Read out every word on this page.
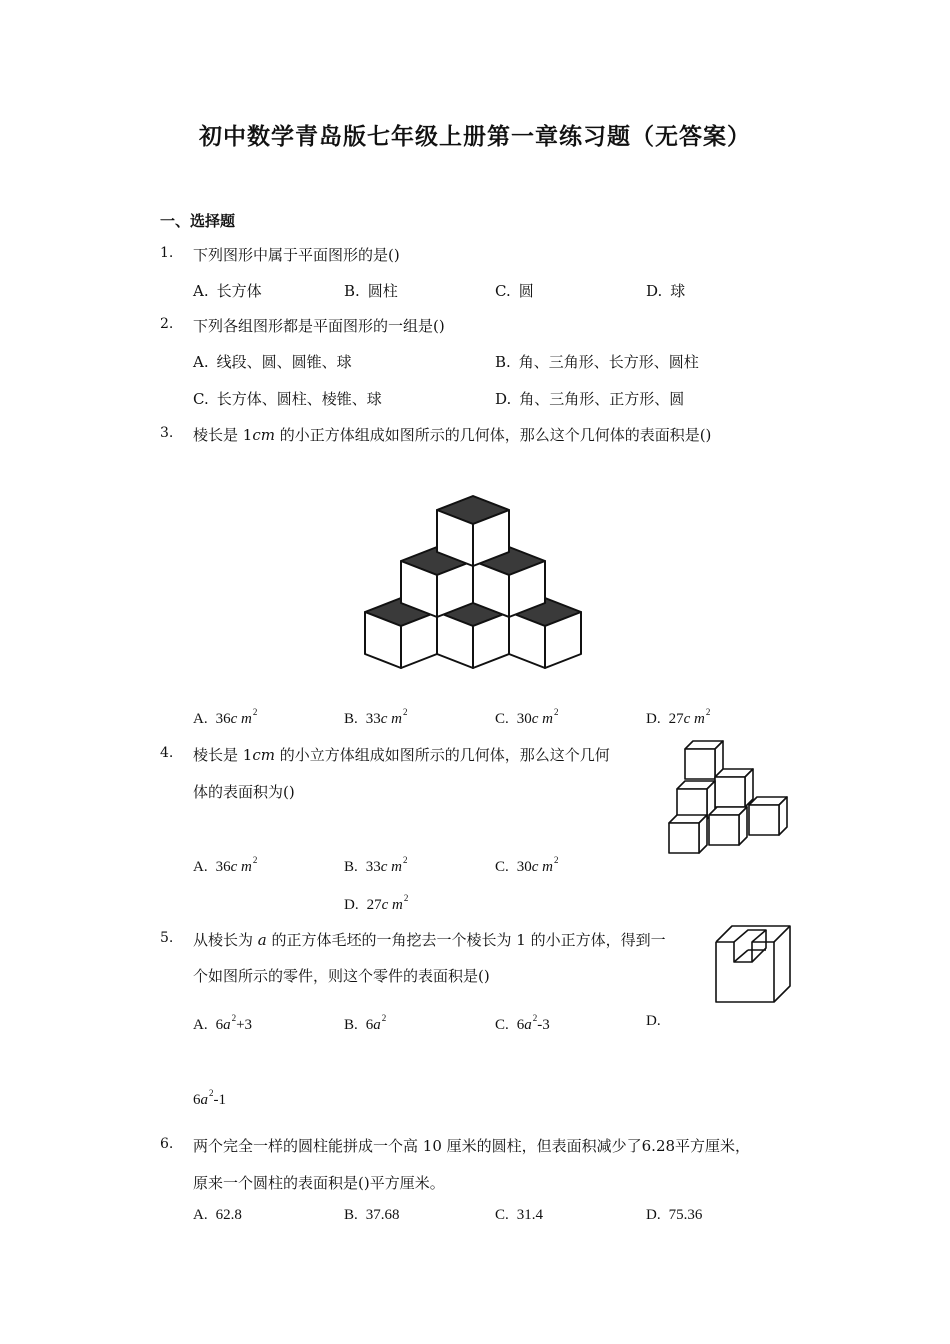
初中数学青岛版七年级上册第一章练习题（无答案）
一、选择题
1. 下列图形中属于平面图形的是()
A. 长方体	B. 圆柱	C. 圆	D. 球
2. 下列各组图形都是平面图形的一组是()
A. 线段、圆、圆锥、球	B. 角、三角形、长方形、圆柱
C. 长方体、圆柱、棱锥、球	D. 角、三角形、正方形、圆
3. 棱长是 1cm 的小正方体组成如图所示的几何体，那么这个几何体的表面积是()
A. 36c $m^2$	B. 33c $m^2$	C. 30c $m^2$	D. 27c $m^2$
4. 棱长是 1cm 的小立方体组成如图所示的几何体，那么这个几何
体的表面积为()
A. 36c $m^2$	B. 33c $m^2$	C. 30c $m^2$
D. 27c $m^2$
5. 从棱长为 a 的正方体毛坯的一角挖去一个棱长为 1 的小正方体，得到一
个如图所示的零件，则这个零件的表面积是()
A. $6a^2+3$	B. $6a^2$	C. $6a^2-3$	D.
$6a^2-1$
6. 两个完全一样的圆柱能拼成一个高 10 厘米的圆柱，但表面积减少了6.28平方厘米，
原来一个圆柱的表面积是()平方厘米。
A. 62.8	B. 37.68	C. 31.4	D. 75.36
